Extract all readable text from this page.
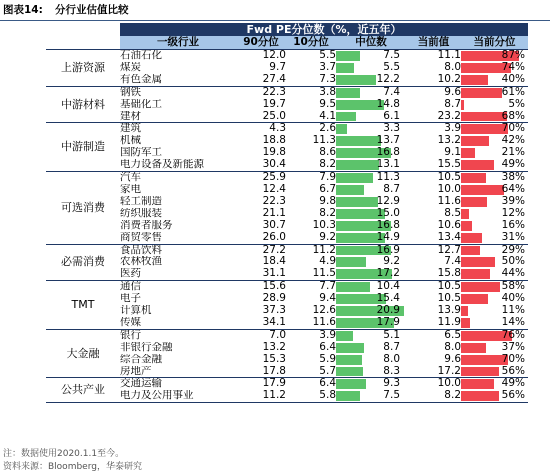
图表14: 分行业估值比较
	Fwd PE分位数（%，近五年）					
	一级行业	90分位	10分位	中位数	当前值	当前分位
上游资源	石油石化	12.0	5.5	7.5	11.1	87%

	煤炭	9.7	3.7	5.5	8.0	74%

	有色金属	27.4	7.3	12.2	10.2	40%

中游材料	钢铁	22.3	3.8	7.4	9.6	61%

	基础化工	19.7	9.5	14.8	8.7	5%

	建材	25.0	4.1	6.1	23.2	68%

中游制造	建筑	4.3	2.6	3.3	3.9	70%

	机械	18.8	11.3	13.7	13.2	42%

	国防军工	19.8	8.6	16.8	9.1	21%

	电力设备及新能源	30.4	8.2	13.1	15.5	49%

可选消费	汽车	25.9	7.9	11.3	10.5	38%

	家电	12.4	6.7	8.7	10.0	64%

	轻工制造	22.3	9.8	12.9	11.6	39%

	纺织服装	21.1	8.2	15.0	8.5	12%

	消费者服务	30.7	10.3	16.8	10.6	16%

	商贸零售	26.0	9.2	14.9	13.4	31%

必需消费	食品饮料	27.2	11.2	16.9	12.7	29%

	农林牧渔	18.4	4.9	9.2	7.4	50%

	医药	31.1	11.5	17.2	15.8	44%

TMT	通信	15.6	7.7	10.4	10.5	58%

	电子	28.9	9.4	15.4	10.5	40%

	计算机	37.3	12.6	20.9	13.9	11%

	传媒	34.1	11.6	17.9	11.9	14%

大金融	银行	7.0	3.9	5.1	6.5	76%

	非银行金融	13.2	6.4	8.7	8.0	37%

	综合金融	15.3	5.9	8.0	9.6	70%

	房地产	17.8	5.7	8.3	17.2	56%

公共产业	交通运输	17.9	6.4	9.3	10.0	49%

	电力及公用事业	11.2	5.8	7.5	8.2	56%
注：数据使用2020.1.1至今。
资料来源：Bloomberg，华泰研究
